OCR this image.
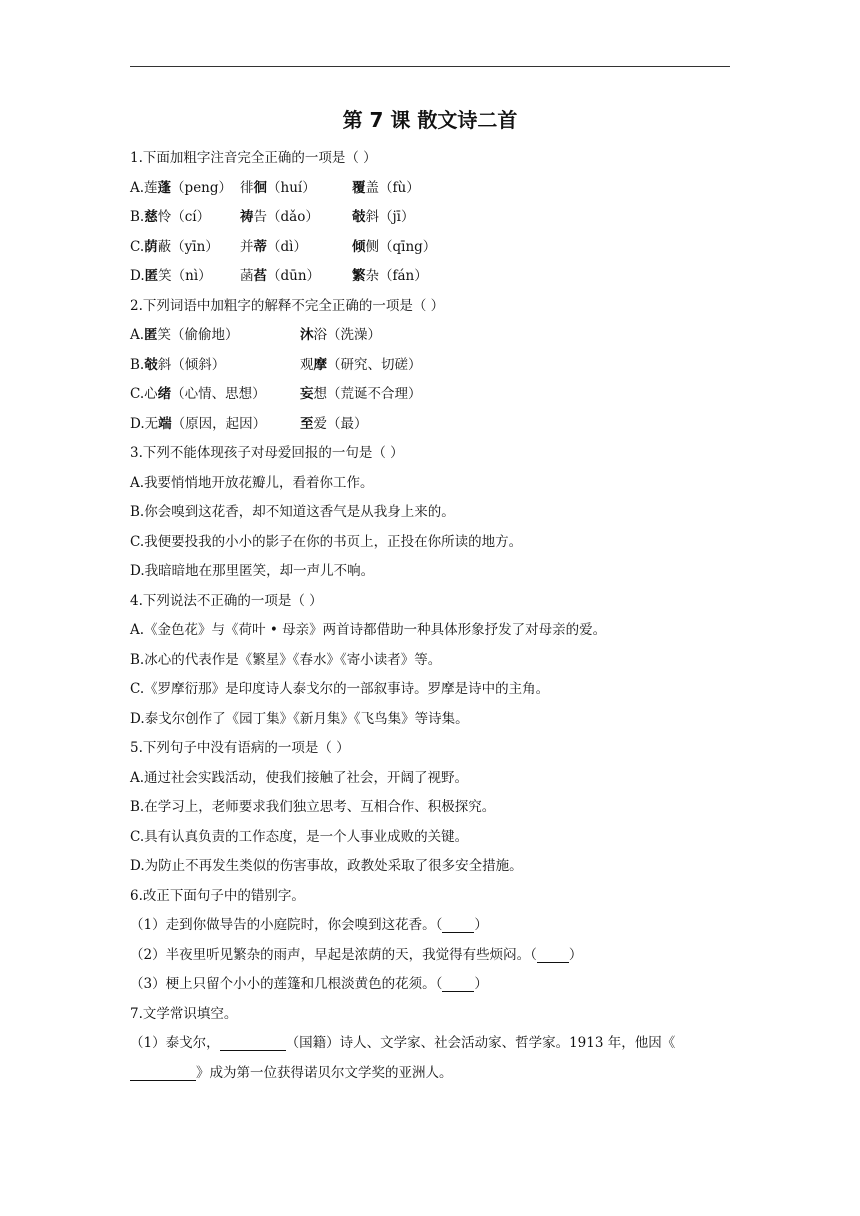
第 7 课 散文诗二首
1.下面加粗字注音完全正确的一项是（ ）
A.莲蓬（peng） 徘徊（huí）	覆盖（fù）
B.慈怜（cí） 祷告（dǎo） 攲斜（jī）
C.荫蔽（yīn） 并蒂（dì）	倾侧（qīng）
D.匿笑（nì） 菡萏（dūn） 繁杂（fán）
2.下列词语中加粗字的解释不完全正确的一项是（ ）
A.匿笑（偷偷地）	沐浴（洗澡）
B.攲斜（倾斜）	观摩（研究、切磋）
C.心绪（心情、思想）	妄想（荒诞不合理）
D.无端（原因，起因）	至爱（最）
3.下列不能体现孩子对母爱回报的一句是（ ）
A.我要悄悄地开放花瓣儿，看着你工作。
B.你会嗅到这花香，却不知道这香气是从我身上来的。
C.我便要投我的小小的影子在你的书页上，正投在你所读的地方。
D.我暗暗地在那里匿笑，却一声儿不响。
4.下列说法不正确的一项是（ ）
A.《金色花》与《荷叶 • 母亲》两首诗都借助一种具体形象抒发了对母亲的爱。
B.冰心的代表作是《繁星》《春水》《寄小读者》等。
C.《罗摩衍那》是印度诗人泰戈尔的一部叙事诗。罗摩是诗中的主角。
D.泰戈尔创作了《园丁集》《新月集》《飞鸟集》等诗集。
5.下列句子中没有语病的一项是（ ）
A.通过社会实践活动，使我们接触了社会，开阔了视野。
B.在学习上，老师要求我们独立思考、互相合作、积极探究。
C.具有认真负责的工作态度，是一个人事业成败的关键。
D.为防止不再发生类似的伤害事故，政教处采取了很多安全措施。
6.改正下面句子中的错别字。
（1）走到你做导告的小庭院时，你会嗅到这花香。（ ）
（2）半夜里听见繁杂的雨声，早起是浓荫的天，我觉得有些烦闷。（ ）
（3）梗上只留个小小的莲篷和几根淡黄色的花须。（ ）
7.文学常识填空。
（1）泰戈尔，	（国籍）诗人、文学家、社会活动家、哲学家。1913 年，他因《》成为第一位获得诺贝尔文学奖的亚洲人。
